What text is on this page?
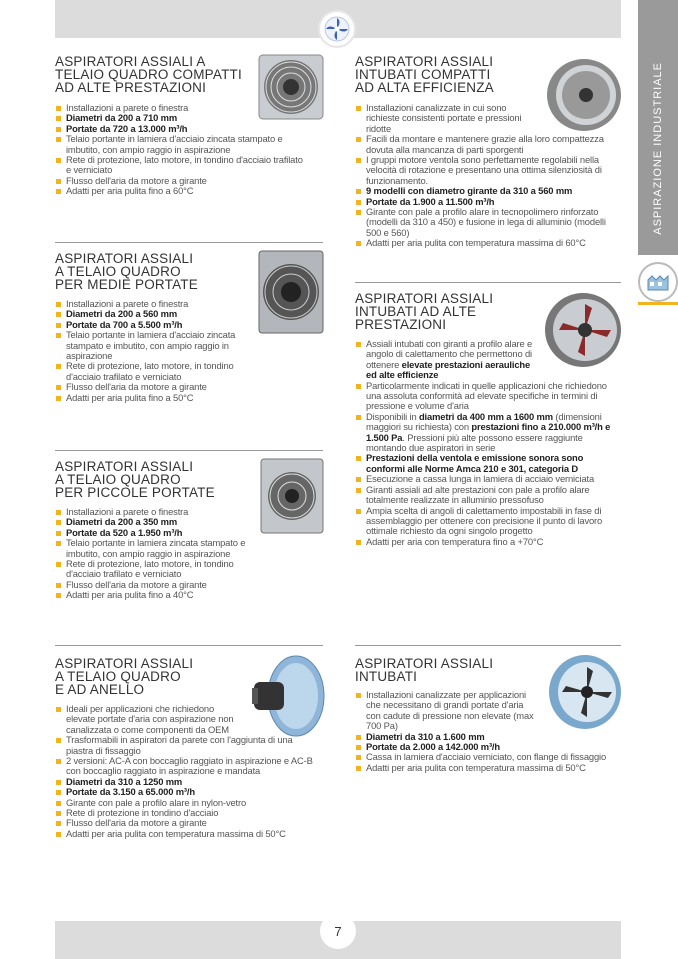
ASPIRAZIONE INDUSTRIALE
ASPIRATORI ASSIALI A
TELAIO QUADRO COMPATTI
AD ALTE PRESTAZIONI
Installazioni a parete o finestra
Diametri da 200 a 710 mm
Portate da 720 a 13.000 m³/h
Telaio portante in lamiera d'acciaio zincata stampato e imbutito, con ampio raggio in aspirazione
Rete di protezione, lato motore, in tondino d'acciaio trafilato e verniciato
Flusso dell'aria da motore a girante
Adatti per aria pulita fino a 60°C
ASPIRATORI ASSIALI
A TELAIO QUADRO
PER MEDIE PORTATE
Installazioni a parete o finestra
Diametri da 200 a 560 mm
Portate da 700 a 5.500 m³/h
Telaio portante in lamiera d'acciaio zincata stampato e imbutito, con ampio raggio in aspirazione
Rete di protezione, lato motore, in tondino d'acciaio trafilato e verniciato
Flusso dell'aria da motore a girante
Adatti per aria pulita fino a 50°C
ASPIRATORI ASSIALI
A TELAIO QUADRO
PER PICCOLE PORTATE
Installazioni a parete o finestra
Diametri da 200 a 350 mm
Portate da 520 a 1.950 m³/h
Telaio portante in lamiera zincata stampato e imbutito, con ampio raggio in aspirazione
Rete di protezione, lato motore, in tondino d'acciaio trafilato e verniciato
Flusso dell'aria da motore a girante
Adatti per aria pulita fino a 40°C
ASPIRATORI ASSIALI
A TELAIO QUADRO
E AD ANELLO
Ideali per applicazioni che richiedono elevate portate d'aria con aspirazione non canalizzata o come componenti da OEM
Trasformabili in aspiratori da parete con l'aggiunta di una piastra di fissaggio
2 versioni: AC-A con boccaglio raggiato in aspirazione e AC-B con boccaglio raggiato in aspirazione e mandata
Diametri da 310 a 1250 mm
Portate da 3.150 a 65.000 m³/h
Girante con pale a profilo alare in nylon-vetro
Rete di protezione in tondino d'acciaio
Flusso dell'aria da motore a girante
Adatti per aria pulita con temperatura massima di 50°C
ASPIRATORI ASSIALI
INTUBATI COMPATTI
AD ALTA EFFICIENZA
Installazioni canalizzate in cui sono richieste consistenti portate e pressioni ridotte
Facili da montare e mantenere grazie alla loro compattezza dovuta alla mancanza di parti sporgenti
I gruppi motore ventola sono perfettamente regolabili nella velocità di rotazione e presentano una ottima silenziosità di funzionamento.
9 modelli con diametro girante da 310 a 560 mm
Portate da 1.900 a 11.500 m³/h
Girante con pale a profilo alare in tecnopolimero rinforzato (modelli da 310 a 450) e fusione in lega di alluminio (modelli 500 e 560)
Adatti per aria pulita con temperatura massima di 60°C
ASPIRATORI ASSIALI
INTUBATI AD ALTE
PRESTAZIONI
Assiali intubati con giranti a profilo alare e angolo di calettamento che permettono di ottenere elevate prestazioni aerauliche ed alte efficienze
Particolarmente indicati in quelle applicazioni che richiedono una assoluta conformità ad elevate specifiche in termini di pressione e volume d'aria
Disponibili in diametri da 400 mm a 1600 mm (dimensioni maggiori su richiesta) con prestazioni fino a 210.000 m³/h e 1.500 Pa. Pressioni più alte possono essere raggiunte montando due aspiratori in serie
Prestazioni della ventola e emissione sonora sono conformi alle Norme Amca 210 e 301, categoria D
Esecuzione a cassa lunga in lamiera di acciaio verniciata
Giranti assiali ad alte prestazioni con pale a profilo alare totalmente realizzate in alluminio pressofuso
Ampia scelta di angoli di calettamento impostabili in fase di assemblaggio per ottenere con precisione il punto di lavoro ottimale richiesto da ogni singolo progetto
Adatti per aria con temperatura fino a +70°C
ASPIRATORI ASSIALI
INTUBATI
Installazioni canalizzate per applicazioni che necessitano di grandi portate d'aria con cadute di pressione non elevate (max 700 Pa)
Diametri da 310 a 1.600 mm
Portate da 2.000 a 142.000 m³/h
Cassa in lamiera d'acciaio verniciato, con flange di fissaggio
Adatti per aria pulita con temperatura massima di 50°C
7
